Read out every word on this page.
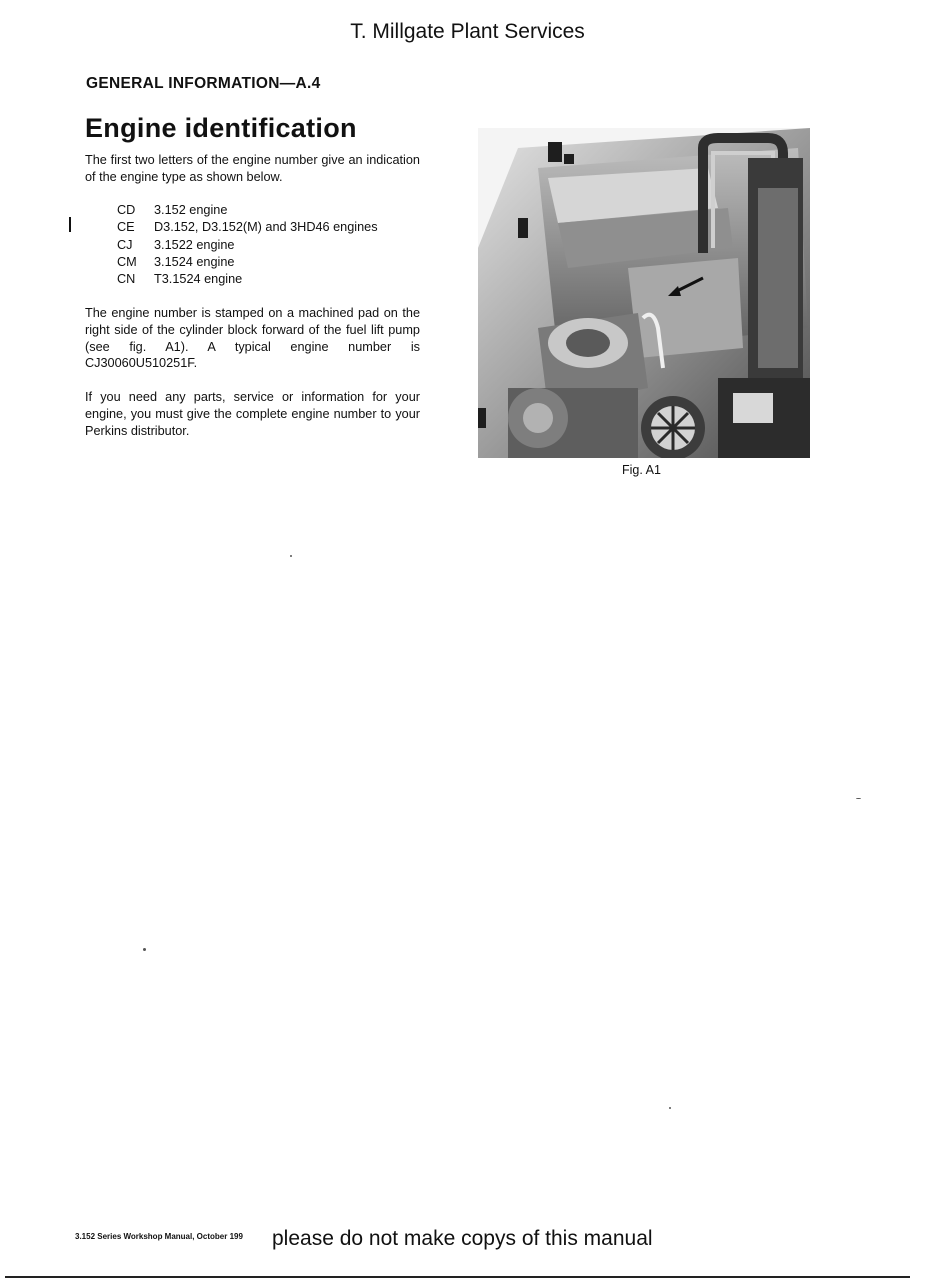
T. Millgate Plant Services
GENERAL INFORMATION—A.4
Engine identification
The first two letters of the engine number give an indication of the engine type as shown below.
CD	3.152 engine
CE	D3.152, D3.152(M) and 3HD46 engines
CJ	3.1522 engine
CM	3.1524 engine
CN	T3.1524 engine
The engine number is stamped on a machined pad on the right side of the cylinder block forward of the fuel lift pump (see fig. A1). A typical engine number is CJ30060U510251F.
If you need any parts, service or information for your engine, you must give the complete engine number to your Perkins distributor.
Fig. A1
3.152 Series Workshop Manual, October 199 please do not make copys of this manual
